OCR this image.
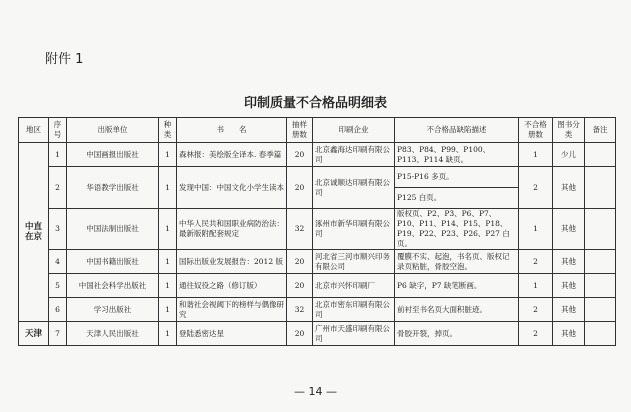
附件 1
印制质量不合格品明细表
地区	序号	出版单位	种类	书　　名	抽样册数	印刷企业	不合格品缺陷描述	不合格册数	图书分类	备注
中直在京	1	中国画报出版社	1	森林报：美绘版全译本. 春季篇	20	北京鑫海达印刷有限公司	P83、P84、P99、P100、P113、P114 缺页。	1	少儿	
	2	华语教学出版社	1	发现中国：中国文化小学生读本	20	北京诚顺达印刷有限公司	P15-P16 多页。	2	其他	
							P125 白页。			
	3	中国法制出版社	1	中华人民共和国职业病防治法：最新版附配套规定	32	涿州市新华印刷有限公司	版权页、P2、P3、P6、P7、P10、P11、P14、P15、P18、P19、P22、P23、P26、P27 白页。	1	其他	
	4	中国书籍出版社	1	国际出版业发展报告：2012 版	20	河北省三河市顺兴印务有限公司	覆膜不实、起泡，书名页、版权记录页粘脏，骨胶空泡。	2	其他	
	5	中国社会科学出版社	1	通往奴役之路（修订版）	20	北京市兴怀印刷厂	P6 缺字，P7 缺笔断画。	1	其他	
	6	学习出版社	1	和谐社会视阈下的榜样与偶像研究	32	北京市密东印刷有限公司	前衬至书名页大面积脏迹。	2	其他	
天津	7	天津人民出版社	1	登陆悉密达星	20	广州市天盛印刷有限公司	骨胶开裂，掉页。	2	其他	
— 14 —
